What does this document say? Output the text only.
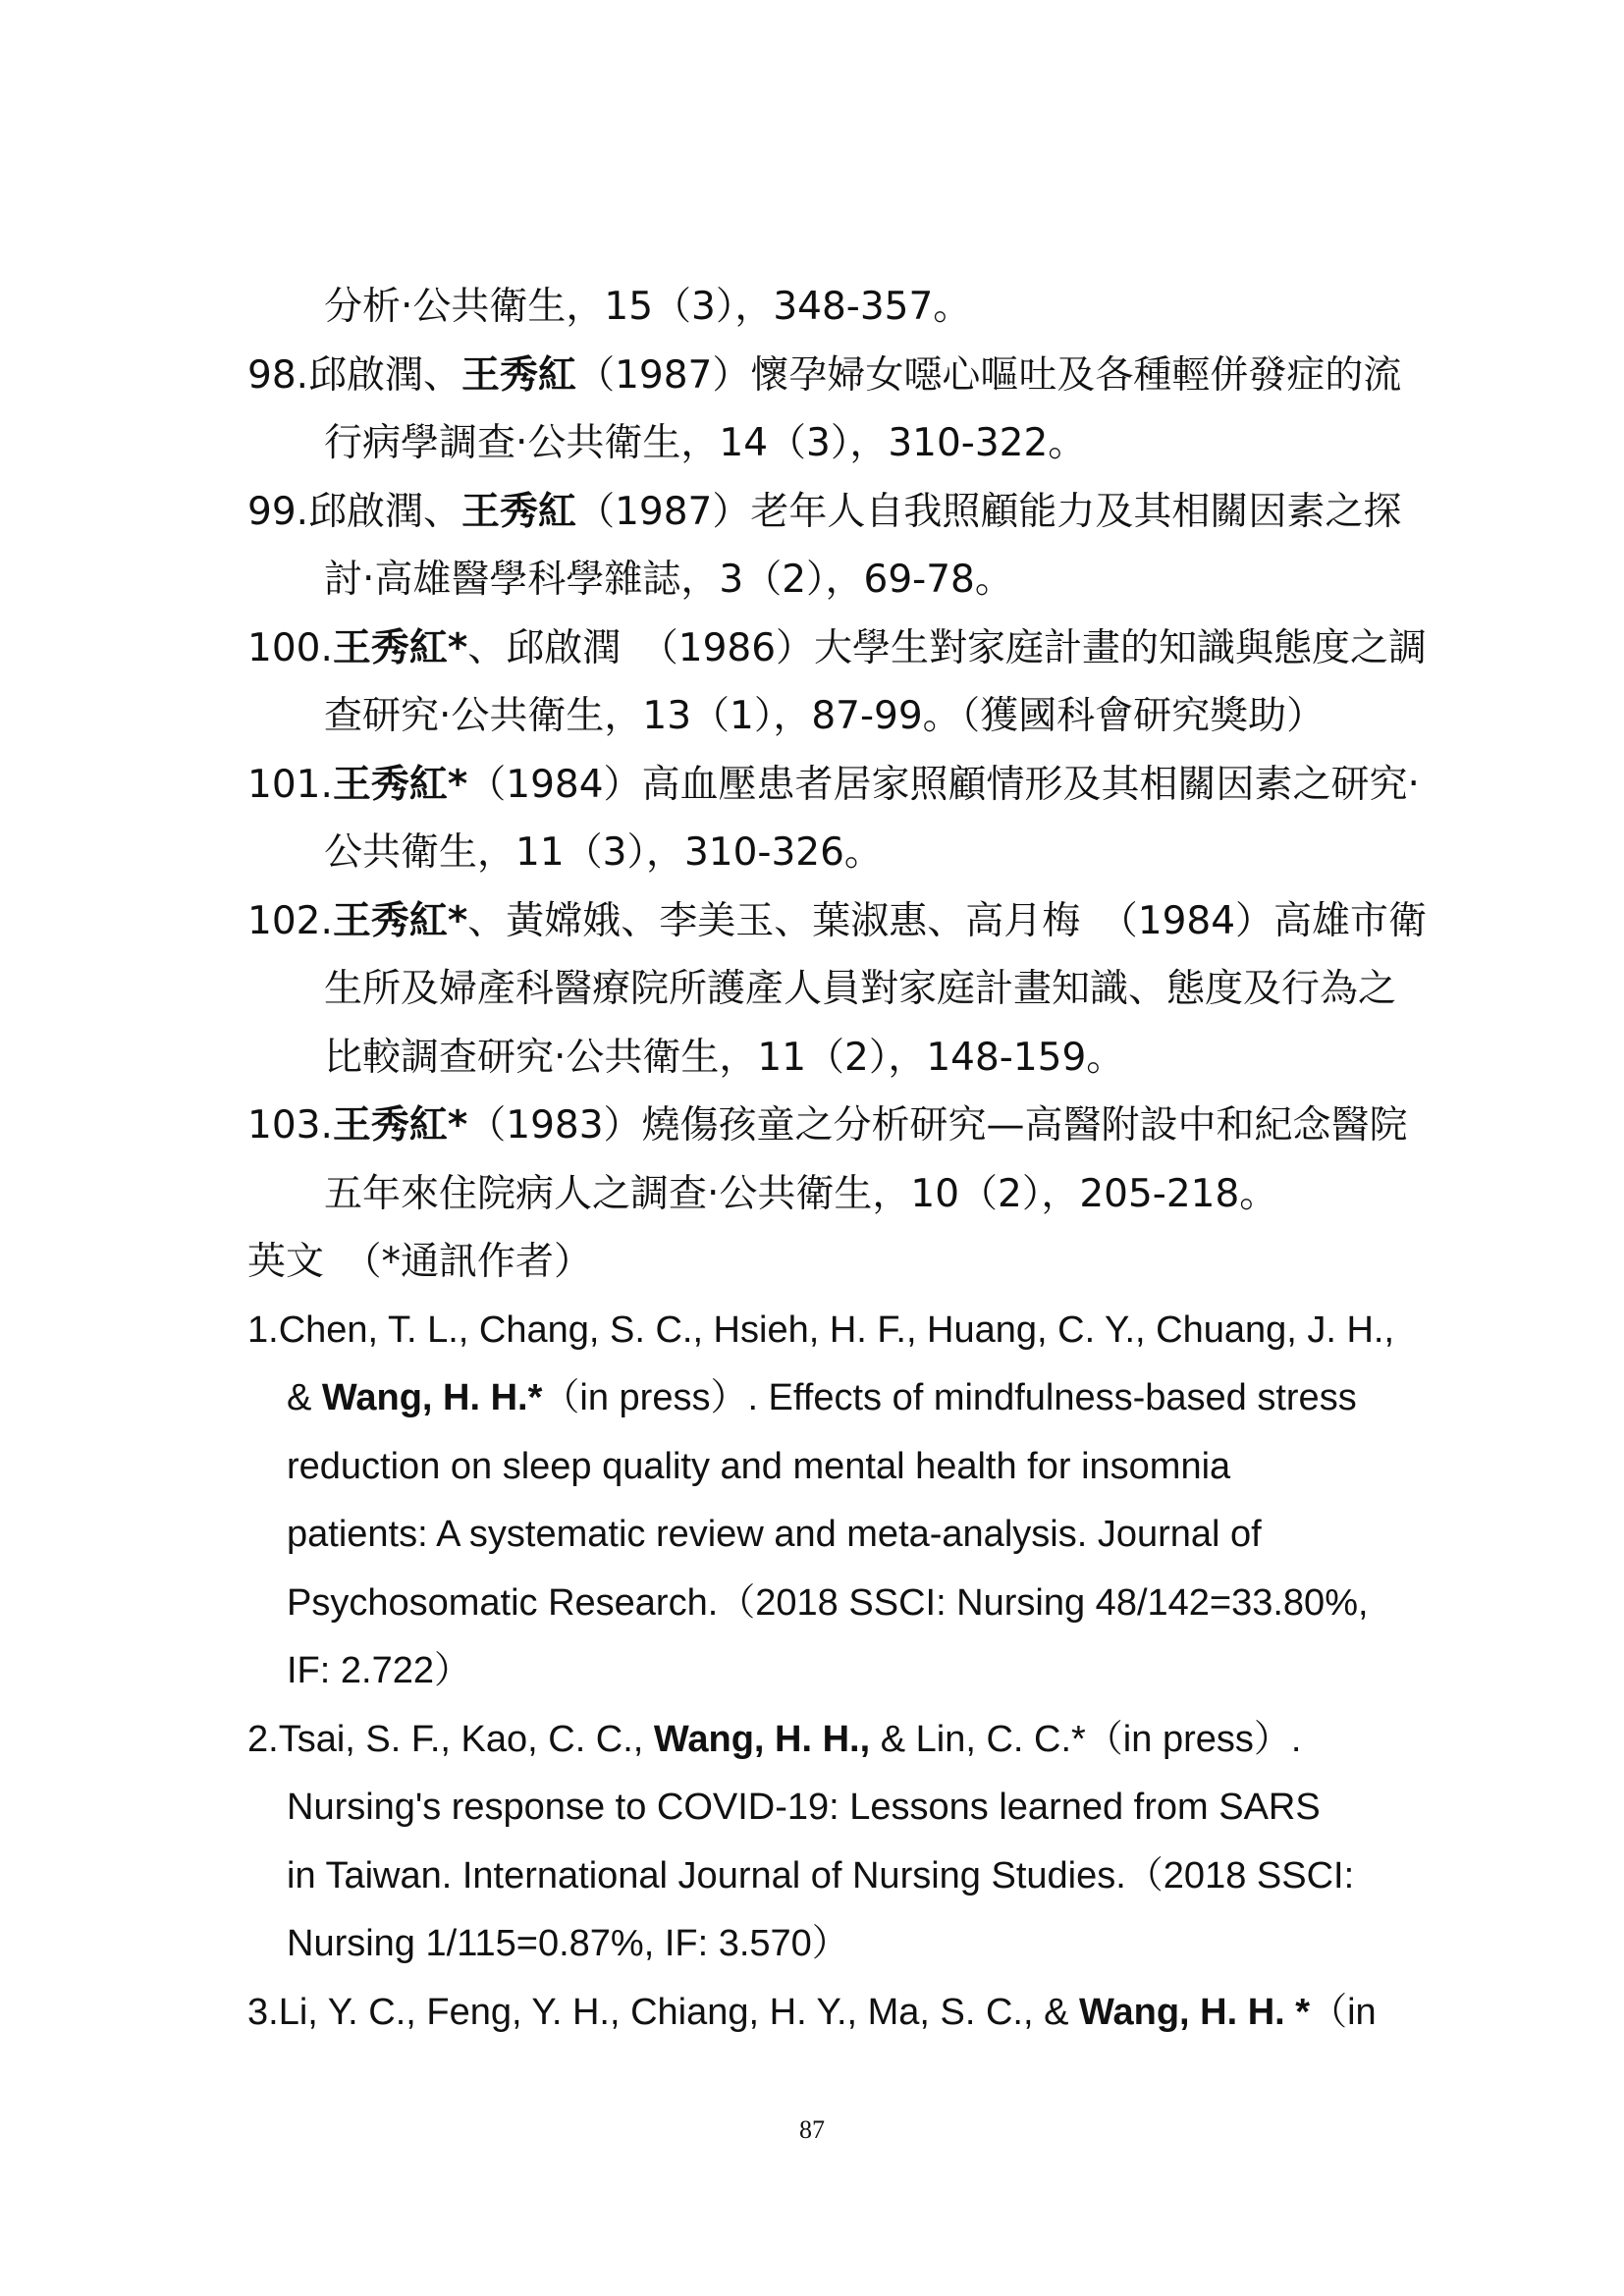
分析‧公共衛生，15（3），348-357。
98.邱啟潤、王秀紅（1987）懷孕婦女噁心嘔吐及各種輕併發症的流
行病學調查‧公共衛生，14（3），310-322。
99.邱啟潤、王秀紅（1987）老年人自我照顧能力及其相關因素之探
討‧高雄醫學科學雜誌，3（2），69-78。
100.王秀紅*、邱啟潤　（1986）大學生對家庭計畫的知識與態度之調
查研究‧公共衛生，13（1），87-99。（獲國科會研究獎助）
101.王秀紅*（1984）高血壓患者居家照顧情形及其相關因素之研究‧
公共衛生，11（3），310-326。
102.王秀紅*、黃嫦娥、李美玉、葉淑惠、高月梅　（1984）高雄市衛
生所及婦產科醫療院所護產人員對家庭計畫知識、態度及行為之
比較調查研究‧公共衛生，11（2），148-159。
103.王秀紅*（1983）燒傷孩童之分析研究—高醫附設中和紀念醫院
五年來住院病人之調查‧公共衛生，10（2），205-218。
英文　（*通訊作者）
1.Chen, T. L., Chang, S. C., Hsieh, H. F., Huang, C. Y., Chuang, J. H.,
& Wang, H. H.*（in press）. Effects of mindfulness-based stress
reduction on sleep quality and mental health for insomnia
patients: A systematic review and meta-analysis. Journal of
Psychosomatic Research.（2018 SSCI: Nursing 48/142=33.80%,
IF: 2.722）
2.Tsai, S. F., Kao, C. C., Wang, H. H., & Lin, C. C.*（in press）.
Nursing's response to COVID-19: Lessons learned from SARS
in Taiwan. International Journal of Nursing Studies.（2018 SSCI:
Nursing 1/115=0.87%, IF: 3.570）
3.Li, Y. C., Feng, Y. H., Chiang, H. Y., Ma, S. C., & Wang, H. H. *（in
87
